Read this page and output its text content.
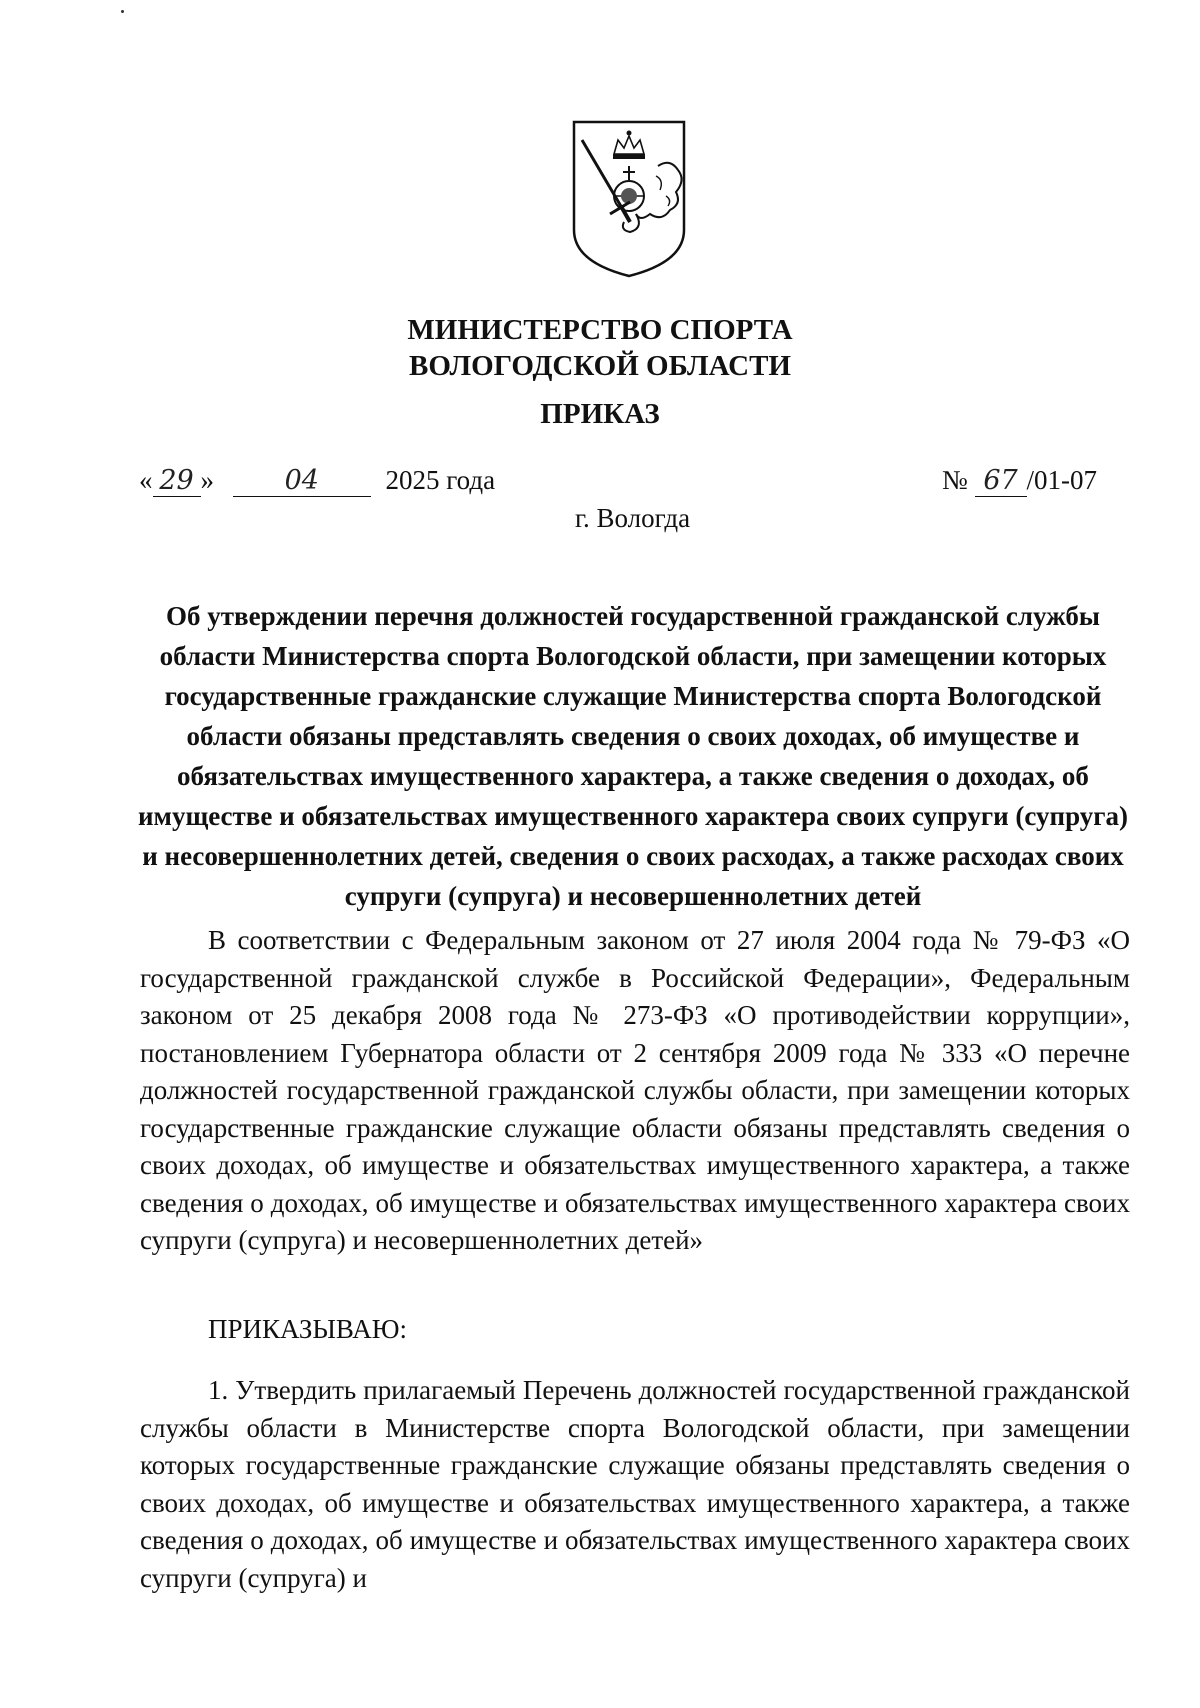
МИНИСТЕРСТВО СПОРТА
ВОЛОГОДСКОЙ ОБЛАСТИ
ПРИКАЗ
« 29 »	04 2025 года	№ 67 /01-07
г. Вологда
Об утверждении перечня должностей государственной гражданской службы области Министерства спорта Вологодской области, при замещении которых государственные гражданские служащие Министерства спорта Вологодской области обязаны представлять сведения о своих доходах, об имуществе и обязательствах имущественного характера, а также сведения о доходах, об имуществе и обязательствах имущественного характера своих супруги (супруга) и несовершеннолетних детей, сведения о своих расходах, а также расходах своих супруги (супруга) и несовершеннолетних детей

В соответствии с Федеральным законом от 27 июля 2004 года № 79-ФЗ «О государственной гражданской службе в Российской Федерации», Федеральным законом от 25 декабря 2008 года № 273-ФЗ «О противодействии коррупции», постановлением Губернатора области от 2 сентября 2009 года № 333 «О перечне должностей государственной гражданской службы области, при замещении которых государственные гражданские служащие области обязаны представлять сведения о своих доходах, об имуществе и обязательствах имущественного характера, а также сведения о доходах, об имуществе и обязательствах имущественного характера своих супруги (супруга) и несовершеннолетних детей»

ПРИКАЗЫВАЮ:

1. Утвердить прилагаемый Перечень должностей государственной гражданской службы области в Министерстве спорта Вологодской области, при замещении которых государственные гражданские служащие обязаны представлять сведения о своих доходах, об имуществе и обязательствах имущественного характера, а также сведения о доходах, об имуществе и обязательствах имущественного характера своих супруги (супруга) и
